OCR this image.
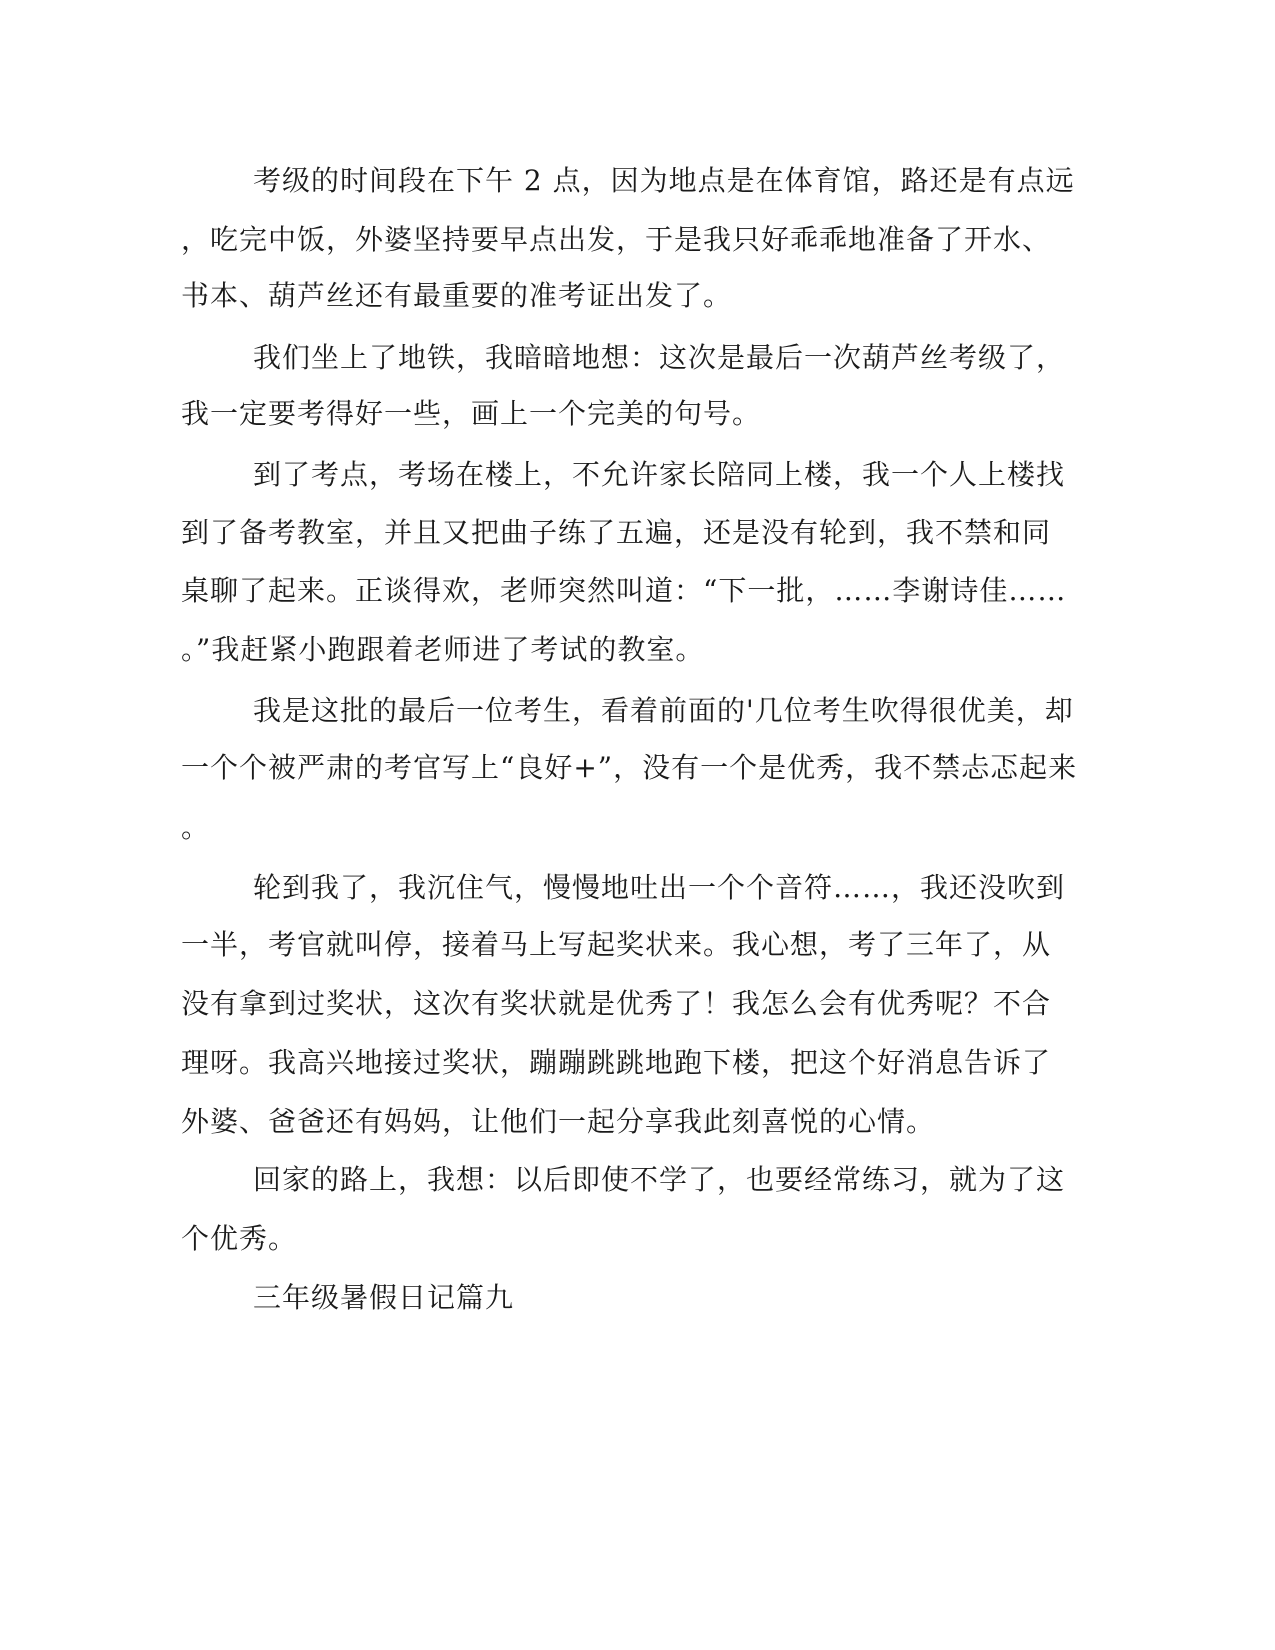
考级的时间段在下午 2 点，因为地点是在体育馆，路还是有点远
，吃完中饭，外婆坚持要早点出发，于是我只好乖乖地准备了开水、
书本、葫芦丝还有最重要的准考证出发了。
我们坐上了地铁，我暗暗地想：这次是最后一次葫芦丝考级了，
我一定要考得好一些，画上一个完美的句号。
到了考点，考场在楼上，不允许家长陪同上楼，我一个人上楼找
到了备考教室，并且又把曲子练了五遍，还是没有轮到，我不禁和同
桌聊了起来。正谈得欢，老师突然叫道：“下一批，……李谢诗佳……
。”我赶紧小跑跟着老师进了考试的教室。
我是这批的最后一位考生，看着前面的'几位考生吹得很优美，却
一个个被严肃的考官写上“良好+”，没有一个是优秀，我不禁忐忑起来
。
轮到我了，我沉住气，慢慢地吐出一个个音符……，我还没吹到
一半，考官就叫停，接着马上写起奖状来。我心想，考了三年了，从
没有拿到过奖状，这次有奖状就是优秀了！我怎么会有优秀呢？不合
理呀。我高兴地接过奖状，蹦蹦跳跳地跑下楼，把这个好消息告诉了
外婆、爸爸还有妈妈，让他们一起分享我此刻喜悦的心情。
回家的路上，我想：以后即使不学了，也要经常练习，就为了这
个优秀。
三年级暑假日记篇九
